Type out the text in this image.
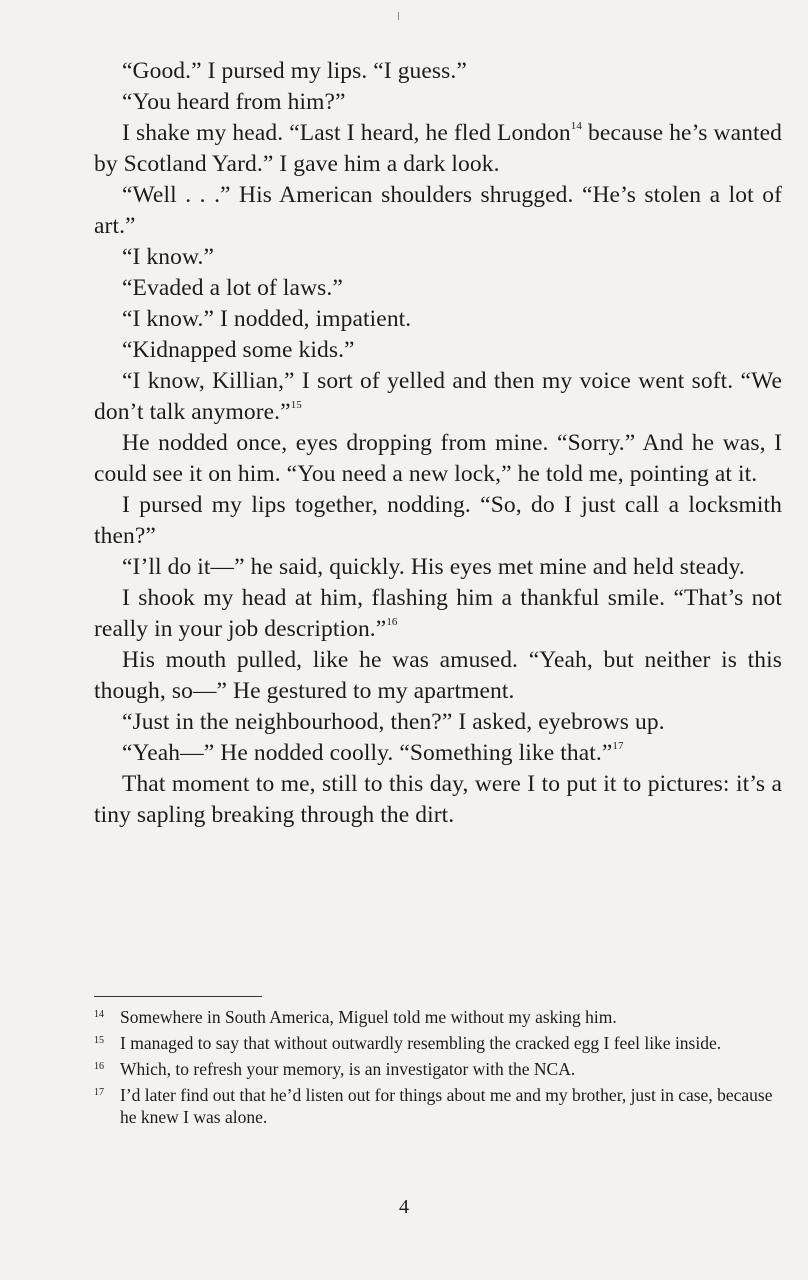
“Good.” I pursed my lips. “I guess.”

“You heard from him?”

I shake my head. “Last I heard, he fled London$^{14}$ because he’s wanted by Scotland Yard.” I gave him a dark look.

“Well . . .” His American shoulders shrugged. “He’s stolen a lot of art.”

“I know.”

“Evaded a lot of laws.”

“I know.” I nodded, impatient.

“Kidnapped some kids.”

“I know, Killian,” I sort of yelled and then my voice went soft. “We don’t talk anymore.”$^{15}$

He nodded once, eyes dropping from mine. “Sorry.” And he was, I could see it on him. “You need a new lock,” he told me, pointing at it.

I pursed my lips together, nodding. “So, do I just call a locksmith then?”

“I’ll do it—” he said, quickly. His eyes met mine and held steady.

I shook my head at him, flashing him a thankful smile. “That’s not really in your job description.”$^{16}$

His mouth pulled, like he was amused. “Yeah, but neither is this though, so—” He gestured to my apartment.

“Just in the neighbourhood, then?” I asked, eyebrows up.

“Yeah—” He nodded coolly. “Something like that.”$^{17}$

That moment to me, still to this day, were I to put it to pictures: it’s a tiny sapling breaking through the dirt.

14 Somewhere in South America, Miguel told me without my asking him.
15 I managed to say that without outwardly resembling the cracked egg I feel like inside.
16 Which, to refresh your memory, is an investigator with the NCA.
17 I’d later find out that he’d listen out for things about me and my brother, just in case, because he knew I was alone.
4
